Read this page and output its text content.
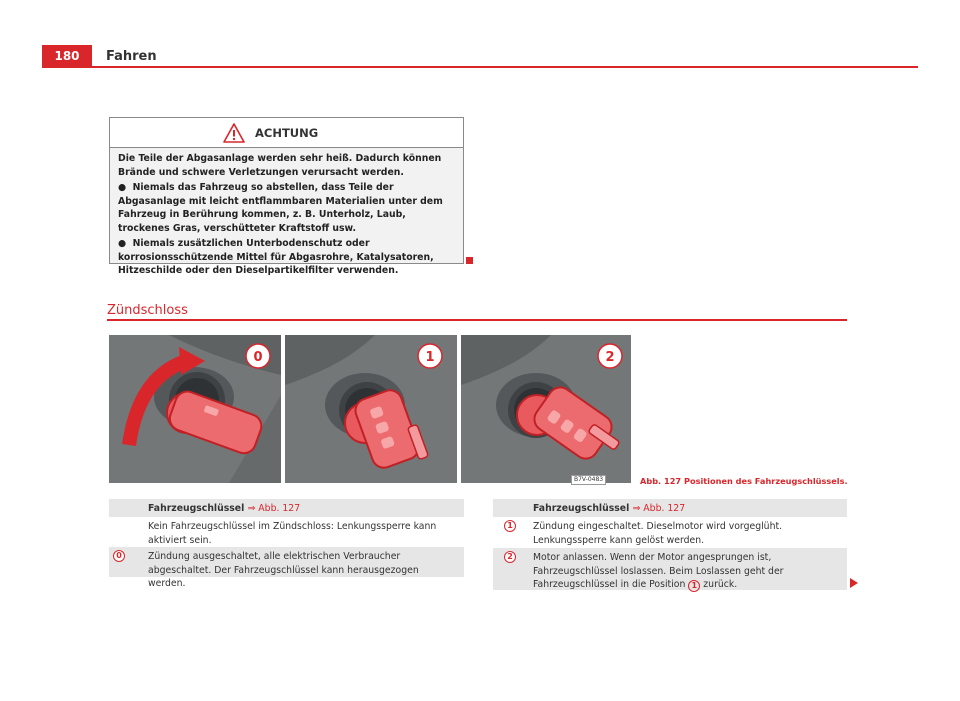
180	Fahren
ACHTUNG

Die Teile der Abgasanlage werden sehr heiß. Dadurch können Brände und schwere Verletzungen verursacht werden.

●  Niemals das Fahrzeug so abstellen, dass Teile der Abgasanlage mit leicht entflammbaren Materialien unter dem Fahrzeug in Berührung kommen, z. B. Unterholz, Laub, trockenes Gras, verschütteter Kraftstoff usw.

●  Niemals zusätzlichen Unterbodenschutz oder korrosionsschützende Mittel für Abgasrohre, Katalysatoren, Hitzeschilde oder den Dieselpartikelfilter verwenden.

Zündschloss
0	1	2
B7V-0483	Abb. 127 Positionen des Fahrzeugschlüssels.
Fahrzeugschlüssel ⇒ Abb. 127
Kein Fahrzeugschlüssel im Zündschloss: Lenkungssperre kann aktiviert sein.
0	Zündung ausgeschaltet, alle elektrischen Verbraucher abgeschaltet. Der Fahrzeugschlüssel kann herausgezogen werden.
Fahrzeugschlüssel ⇒ Abb. 127
1	Zündung eingeschaltet. Dieselmotor wird vorgeglüht. Lenkungssperre kann gelöst werden.
2	Motor anlassen. Wenn der Motor angesprungen ist, Fahrzeugschlüssel loslassen. Beim Loslassen geht der Fahrzeugschlüssel in die Position 1 zurück.
